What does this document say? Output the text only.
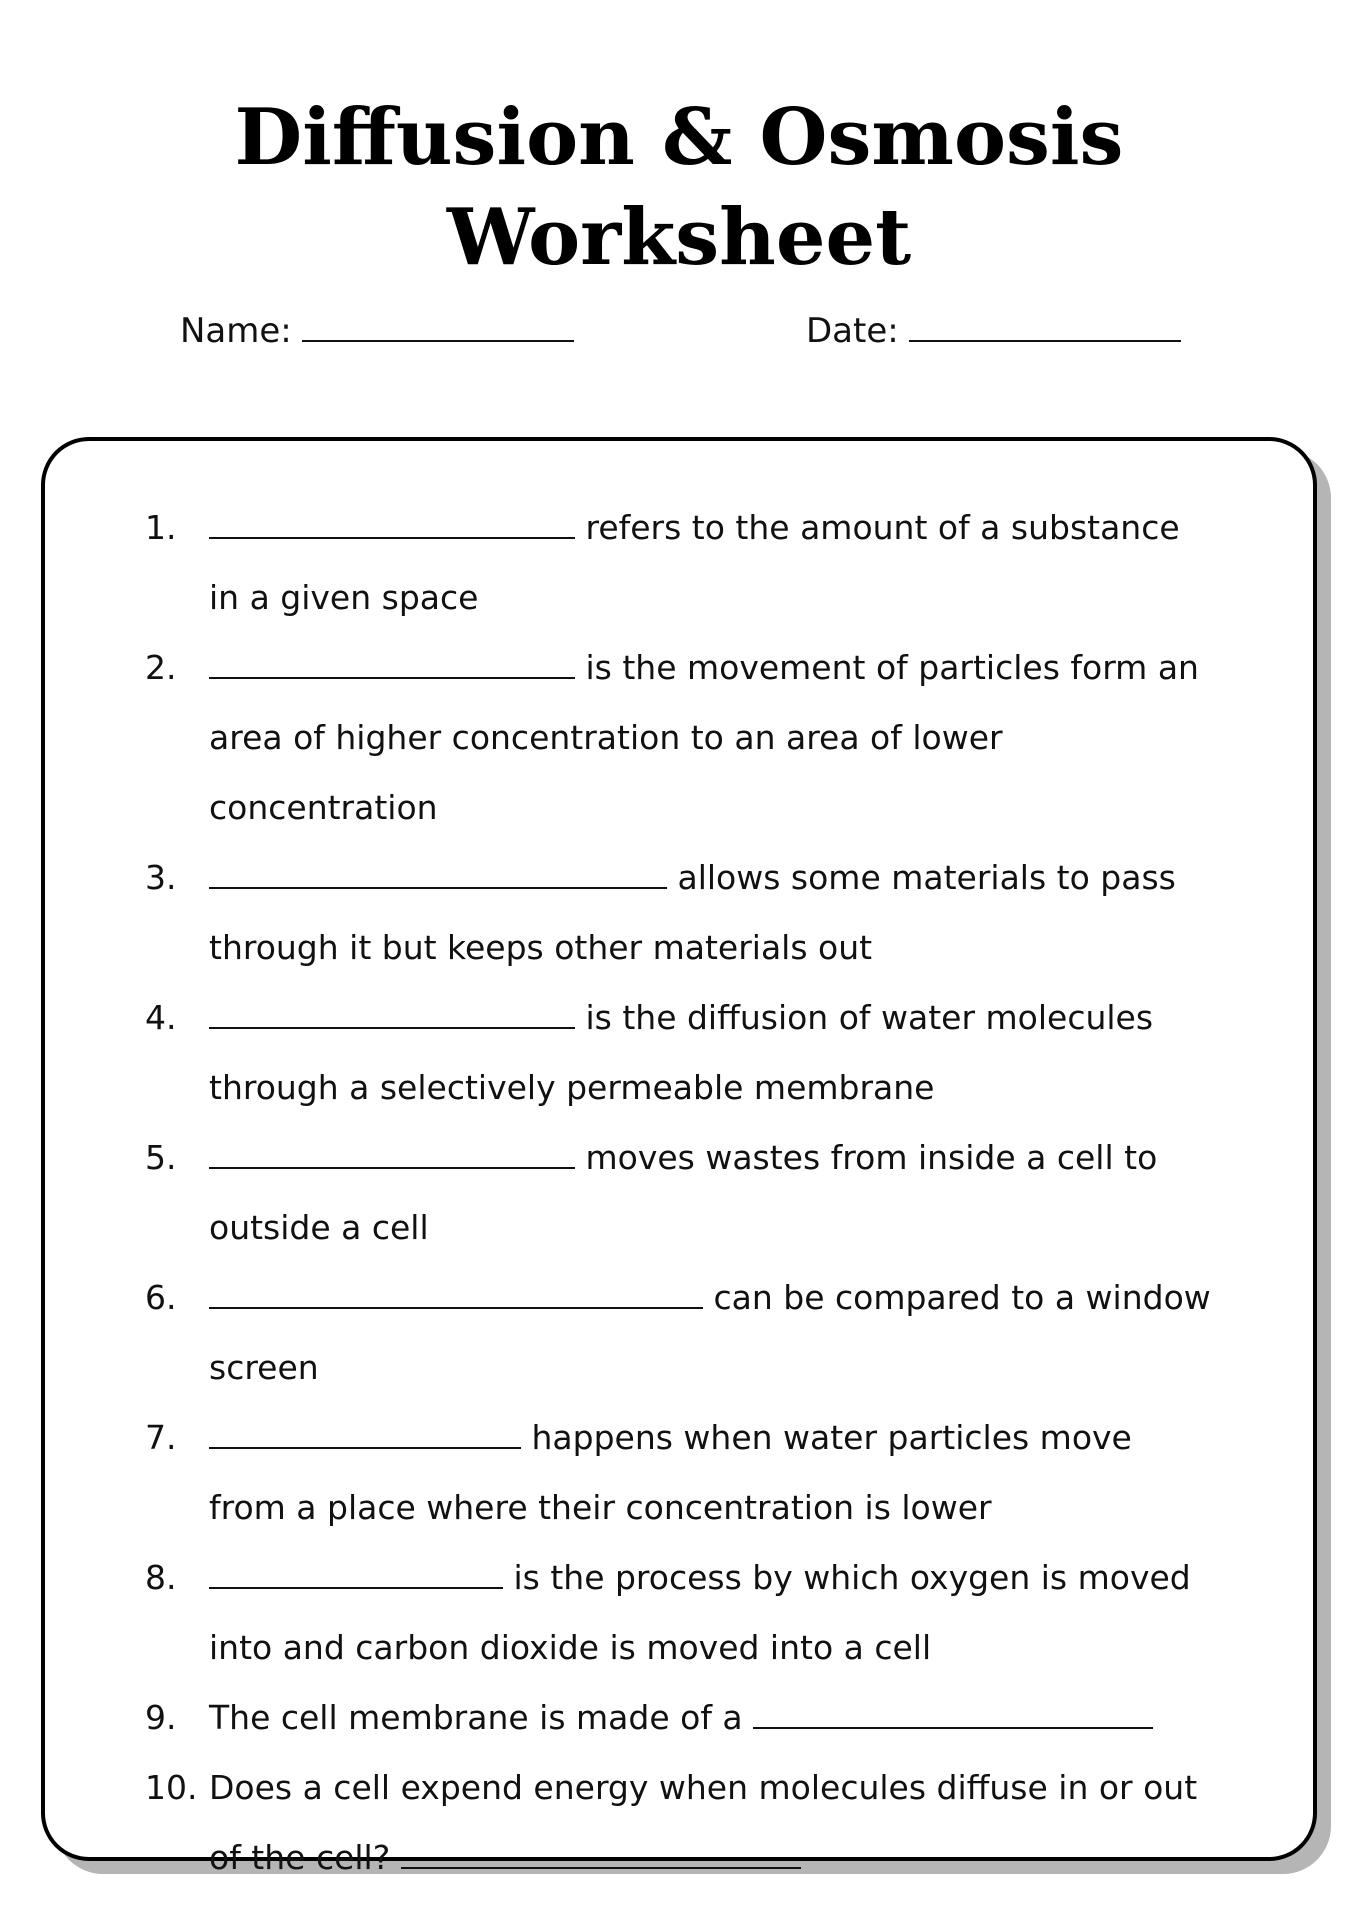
Diffusion & Osmosis
Worksheet
Name:	Date:
1.	refers to the amount of a substance in a given space
2.	is the movement of particles form an area of higher concentration to an area of lower concentration
3.	allows some materials to pass through it but keeps other materials out
4.	is the diffusion of water molecules through a selectively permeable membrane
5.	moves wastes from inside a cell to outside a cell
6.	can be compared to a window screen
7.	happens when water particles move from a place where their concentration is lower
8.	is the process by which oxygen is moved into and carbon dioxide is moved into a cell
9. The cell membrane is made of a
10. Does a cell expend energy when molecules diffuse in or out of the cell?
